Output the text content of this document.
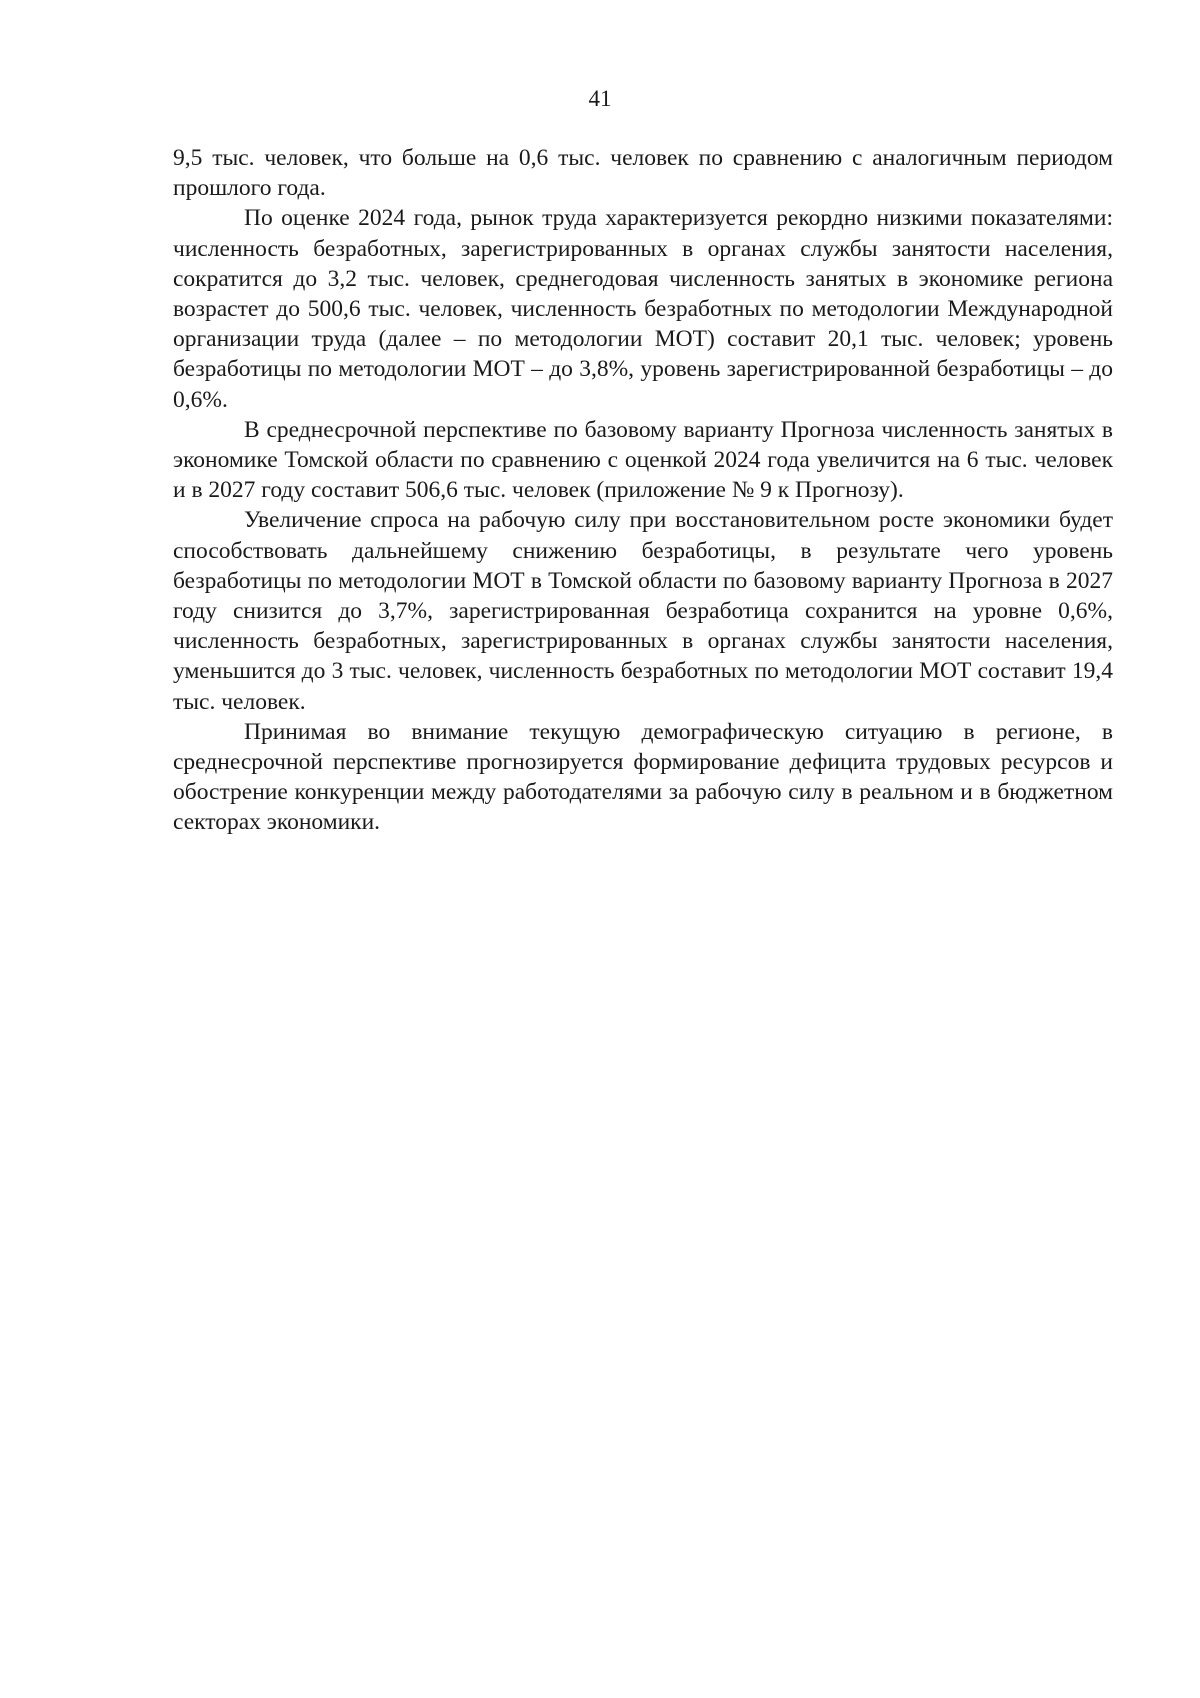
41

9,5 тыс. человек, что больше на 0,6 тыс. человек по сравнению с аналогичным периодом прошлого года.

По оценке 2024 года, рынок труда характеризуется рекордно низкими показателями: численность безработных, зарегистрированных в органах службы занятости населения, сократится до 3,2 тыс. человек, среднегодовая численность занятых в экономике региона возрастет до 500,6 тыс. человек, численность безработных по методологии Международной организации труда (далее – по методологии МОТ) составит 20,1 тыс. человек; уровень безработицы по методологии МОТ – до 3,8%, уровень зарегистрированной безработицы – до 0,6%.

В среднесрочной перспективе по базовому варианту Прогноза численность занятых в экономике Томской области по сравнению с оценкой 2024 года увеличится на 6 тыс. человек и в 2027 году составит 506,6 тыс. человек (приложение № 9 к Прогнозу).

Увеличение спроса на рабочую силу при восстановительном росте экономики будет способствовать дальнейшему снижению безработицы, в результате чего уровень безработицы по методологии МОТ в Томской области по базовому варианту Прогноза в 2027 году снизится до 3,7%, зарегистрированная безработица сохранится на уровне 0,6%, численность безработных, зарегистрированных в органах службы занятости населения, уменьшится до 3 тыс. человек, численность безработных по методологии МОТ составит 19,4 тыс. человек.

Принимая во внимание текущую демографическую ситуацию в регионе, в среднесрочной перспективе прогнозируется формирование дефицита трудовых ресурсов и обострение конкуренции между работодателями за рабочую силу в реальном и в бюджетном секторах экономики.
